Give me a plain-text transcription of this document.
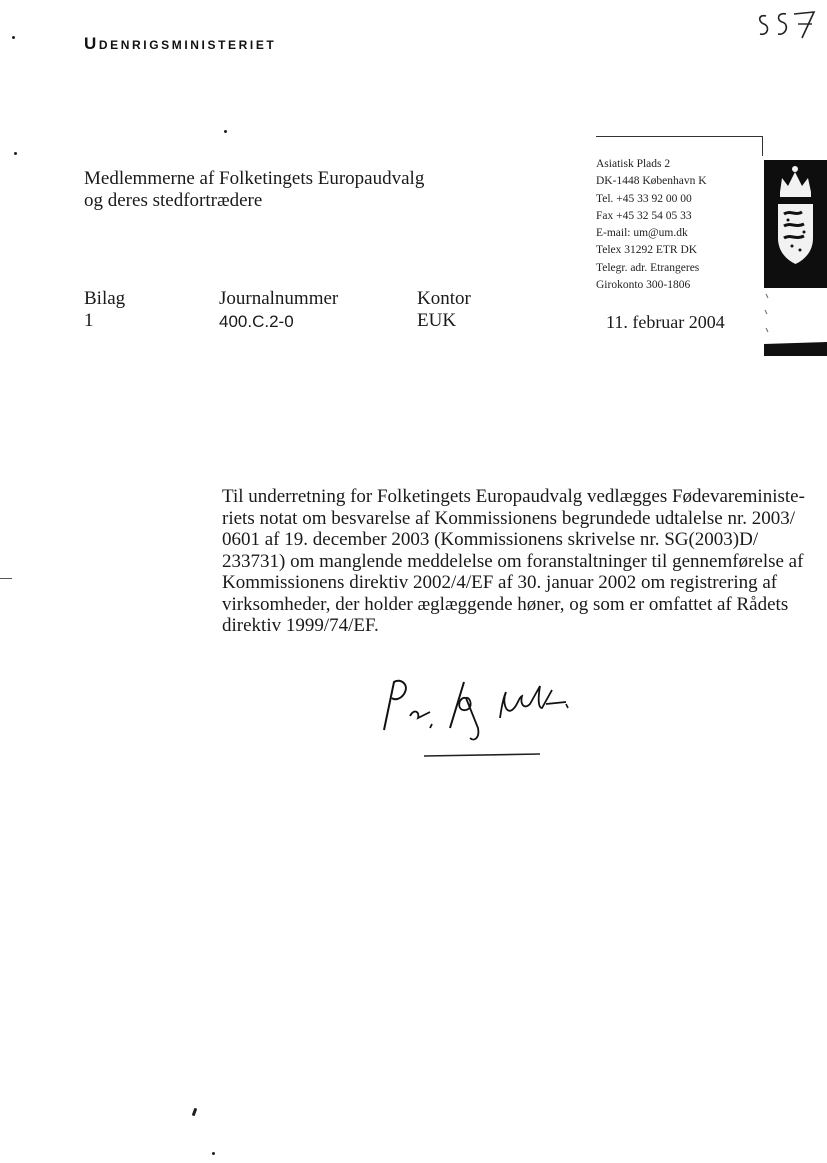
Udenrigsministeriet
Medlemmerne af Folketingets Europaudvalg
og deres stedfortrædere
Asiatisk Plads 2
DK-1448 København K
Tel. +45 33 92 00 00
Fax +45 32 54 05 33
E-mail: um@um.dk
Telex 31292 ETR DK
Telegr. adr. Etrangeres
Girokonto 300-1806
Bilag
1
Journalnummer
400.C.2-0
Kontor
EUK	11. februar 2004
Til underretning for Folketingets Europaudvalg vedlægges Fødevareministe-
riets notat om besvarelse af Kommissionens begrundede udtalelse nr. 2003/
0601 af 19. december 2003 (Kommissionens skrivelse nr. SG(2003)D/
233731) om manglende meddelelse om foranstaltninger til gennemførelse af
Kommissionens direktiv 2002/4/EF af 30. januar 2002 om registrering af
virksomheder, der holder æglæggende høner, og som er omfattet af Rådets
direktiv 1999/74/EF.
